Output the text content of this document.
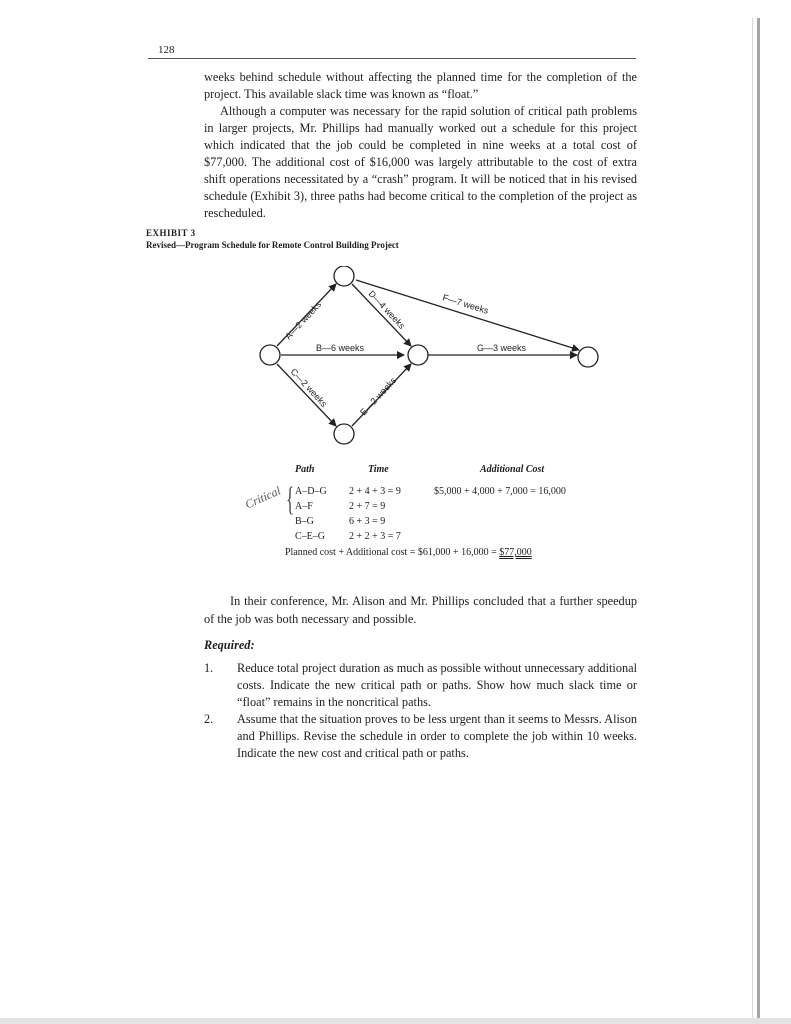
128

weeks behind schedule without affecting the planned time for the completion of the project. This available slack time was known as “float.”

Although a computer was necessary for the rapid solution of critical path problems in larger projects, Mr. Phillips had manually worked out a schedule for this project which indicated that the job could be completed in nine weeks at a total cost of $77,000. The additional cost of $16,000 was largely attributable to the cost of extra shift operations necessitated by a “crash” program. It will be noticed that in his revised schedule (Exhibit 3), three paths had become critical to the completion of the project as rescheduled.

EXHIBIT 3
Revised—Program Schedule for Remote Control Building Project
A—2 weeks
B—6 weeks
C—2 weeks
D—4 weeks
E—2 weeks
F—7 weeks
G—3 weeks
Path	Time	Additional Cost
{
Critical A–D–G 2 + 4 + 3 = 9	$5,000 + 4,000 + 7,000 = 16,000
A–F	2 + 7 = 9
B–G	6 + 3 = 9
C–E–G 2 + 2 + 3 = 7
Planned cost + Additional cost = $61,000 + 16,000 = $77,000

In their conference, Mr. Alison and Mr. Phillips concluded that a further speedup of the job was both necessary and possible.

Required:
1. Reduce total project duration as much as possible without unnecessary additional costs. Indicate the new critical path or paths. Show how much slack time or “float” remains in the noncritical paths.

2. Assume that the situation proves to be less urgent than it seems to Messrs. Alison and Phillips. Revise the schedule in order to complete the job within 10 weeks. Indicate the new cost and critical path or paths.
